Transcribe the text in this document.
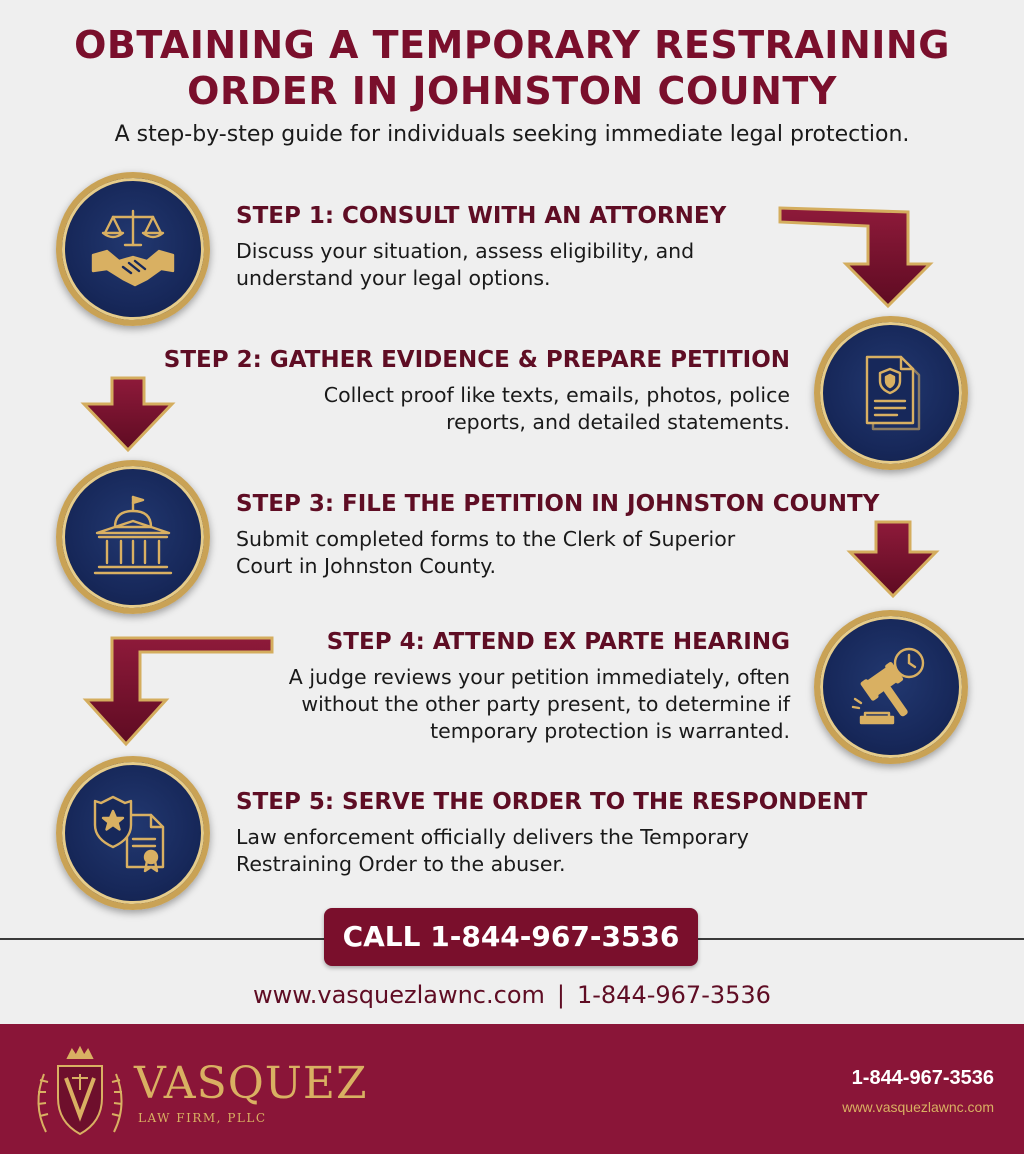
OBTAINING A TEMPORARY RESTRAINING
ORDER IN JOHNSTON COUNTY

A step-by-step guide for individuals seeking immediate legal protection.

STEP 1: CONSULT WITH AN ATTORNEY

Discuss your situation, assess eligibility, and
understand your legal options.

STEP 2: GATHER EVIDENCE & PREPARE PETITION

Collect proof like texts, emails, photos, police
reports, and detailed statements.

STEP 3: FILE THE PETITION IN JOHNSTON COUNTY

Submit completed forms to the Clerk of Superior
Court in Johnston County.

STEP 4: ATTEND EX PARTE HEARING

A judge reviews your petition immediately, often
without the other party present, to determine if
temporary protection is warranted.

STEP 5: SERVE THE ORDER TO THE RESPONDENT

Law enforcement officially delivers the Temporary
Restraining Order to the abuser.

CALL 1-844-967-3536
www.vasquezlawnc.com | 1-844-967-3536

VASQUEZ

LAW FIRM, PLLC

1-844-967-3536

www.vasquezlawnc.com
